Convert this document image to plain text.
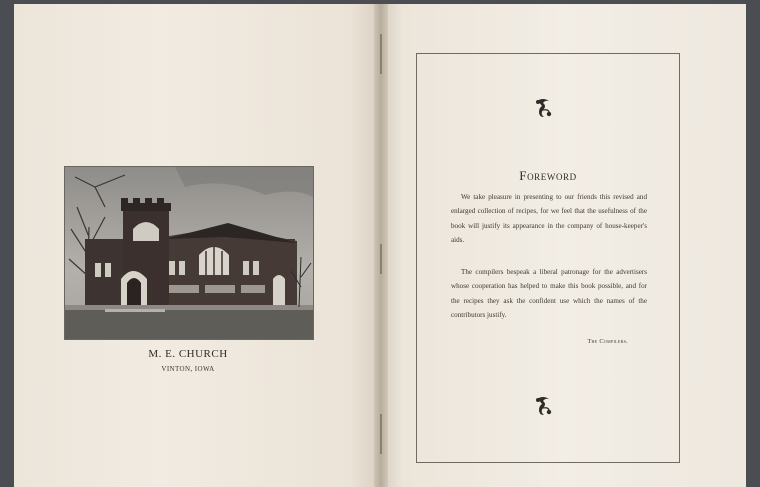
M. E. CHURCH
VINTON, IOWA
Foreword

We take pleasure in presenting to our friends this revised and enlarged collection of recipes, for we feel that the usefulness of the book will justify its appearance in the company of house-keeper's aids.

The compilers bespeak a liberal patronage for the advertisers whose cooperation has helped to make this book possible, and for the recipes they ask the confident use which the names of the contributors justify.

The Compilers.
